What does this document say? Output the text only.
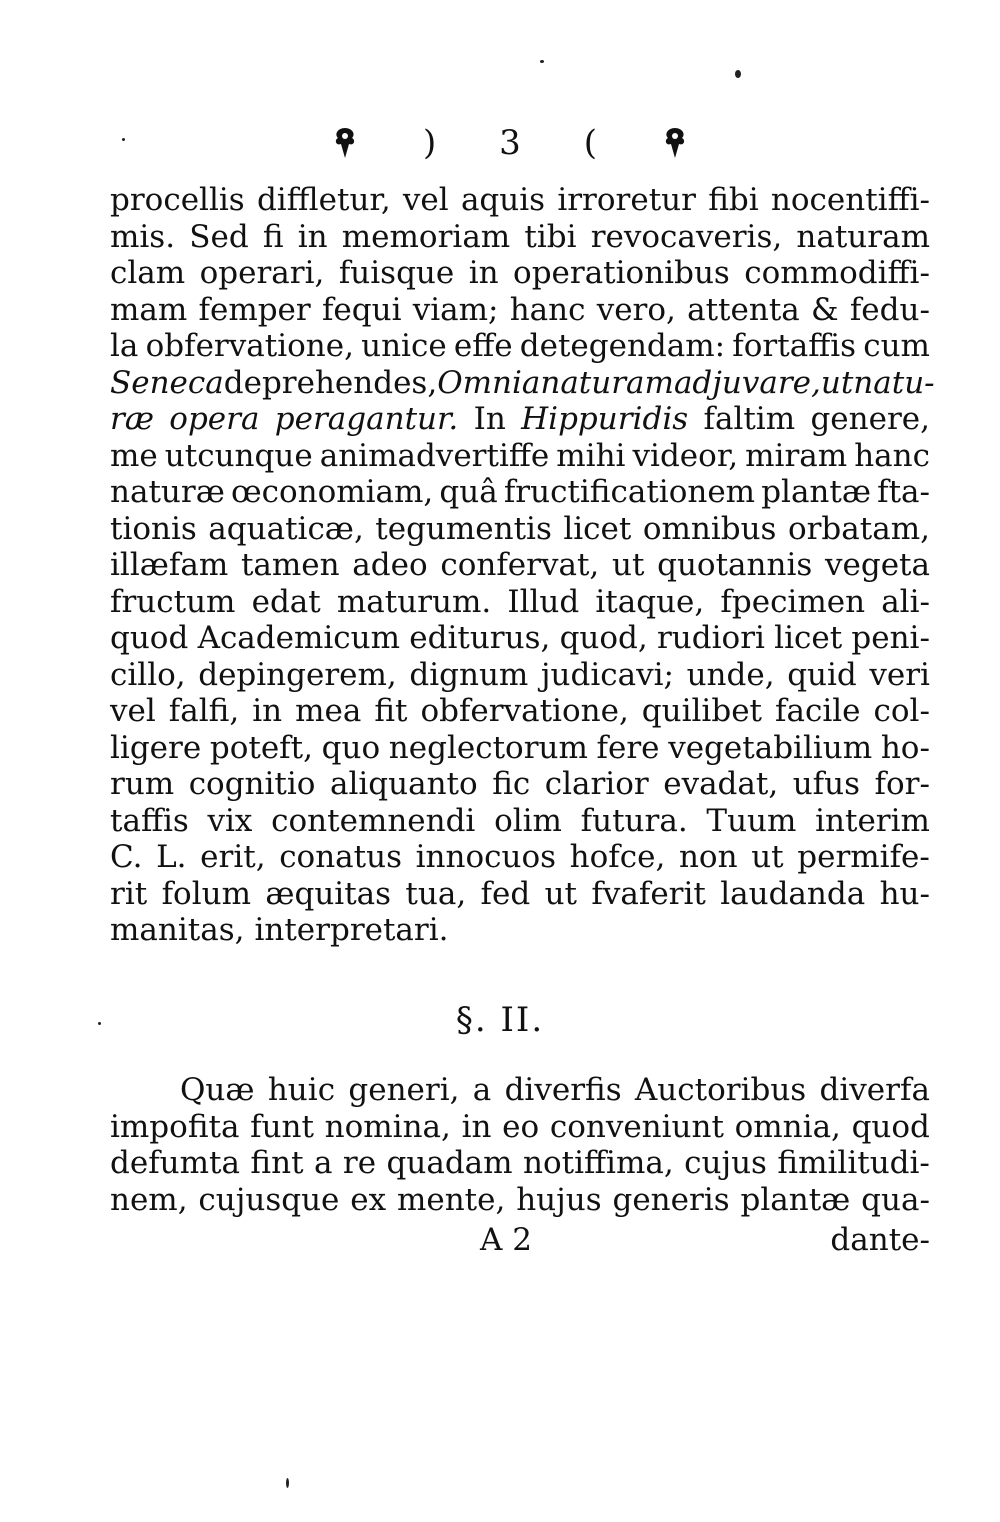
) 3 (
procellis diffletur, vel aquis irroretur fibi nocentiffi-
mis. Sed fi in memoriam tibi revocaveris, naturam
clam operari, fuisque in operationibus commodiffi-
mam femper fequi viam; hanc vero, attenta & fedu-
la obfervatione, unice effe detegendam: fortaffis cum
Seneca deprehendes, Omnia naturam adjuvare, ut natu-
ræ opera peragantur. In Hippuridis faltim genere,
me utcunque animadvertiffe mihi videor, miram hanc
naturæ œconomiam, quâ fructificationem plantæ fta-
tionis aquaticæ, tegumentis licet omnibus orbatam,
illæfam tamen adeo confervat, ut quotannis vegeta
fructum edat maturum. Illud itaque, fpecimen ali-
quod Academicum editurus, quod, rudiori licet peni-
cillo, depingerem, dignum judicavi; unde, quid veri
vel falfi, in mea fit obfervatione, quilibet facile col-
ligere poteft, quo neglectorum fere vegetabilium ho-
rum cognitio aliquanto fic clarior evadat, ufus for-
taffis vix contemnendi olim futura. Tuum interim
C. L. erit, conatus innocuos hofce, non ut permife-
rit folum æquitas tua, fed ut fvaferit laudanda hu-
manitas, interpretari.
§. II.
Quæ huic generi, a diverfis Auctoribus diverfa
impofita funt nomina, in eo conveniunt omnia, quod
defumta fint a re quadam notiffima, cujus fimilitudi-
nem, cujusque ex mente, hujus generis plantæ qua-
A 2	dante-
